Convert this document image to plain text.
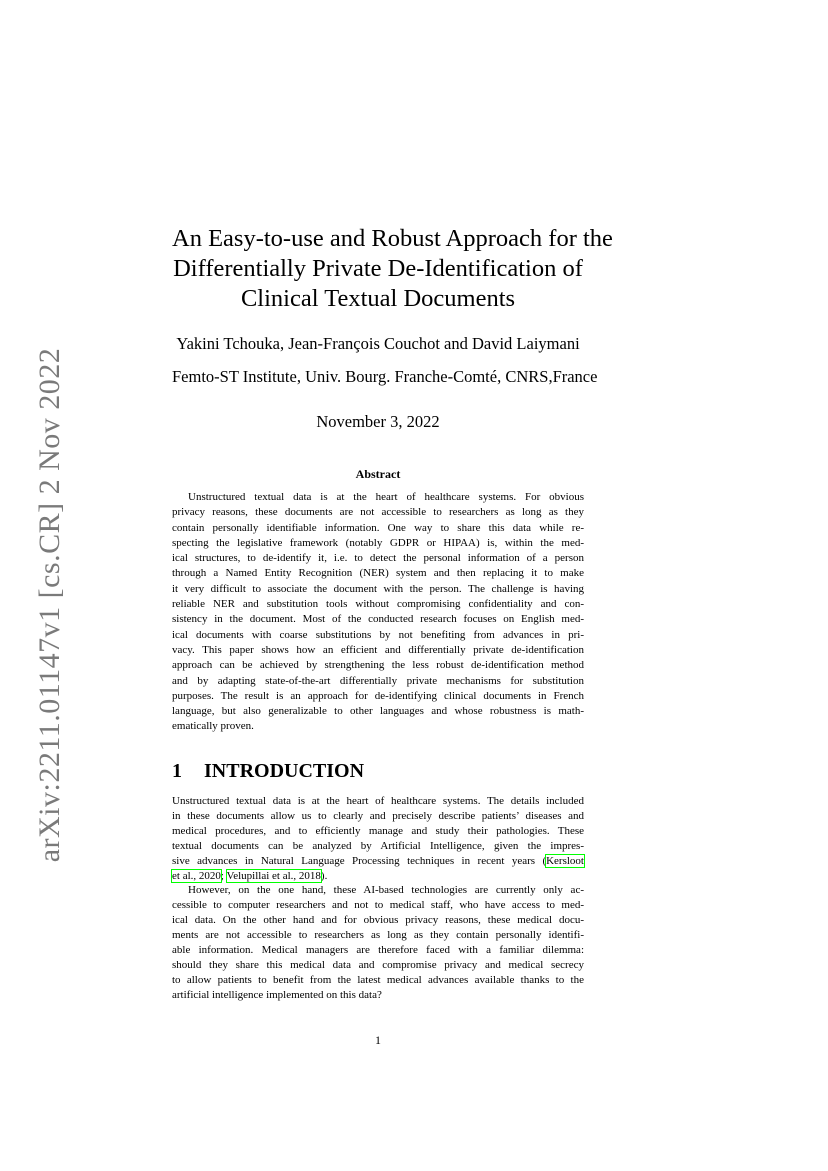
arXiv:2211.01147v1 [cs.CR] 2 Nov 2022
An Easy-to-use and Robust Approach for the
Differentially Private De-Identification of
Clinical Textual Documents
Yakini Tchouka, Jean-François Couchot and David Laiymani
Femto-ST Institute, Univ. Bourg. Franche-Comté, CNRS,France
November 3, 2022
Abstract
Unstructured textual data is at the heart of healthcare systems. For obvious
privacy reasons, these documents are not accessible to researchers as long as they
contain personally identifiable information. One way to share this data while re-
specting the legislative framework (notably GDPR or HIPAA) is, within the med-
ical structures, to de-identify it, i.e. to detect the personal information of a person
through a Named Entity Recognition (NER) system and then replacing it to make
it very difficult to associate the document with the person. The challenge is having
reliable NER and substitution tools without compromising confidentiality and con-
sistency in the document. Most of the conducted research focuses on English med-
ical documents with coarse substitutions by not benefiting from advances in pri-
vacy. This paper shows how an efficient and differentially private de-identification
approach can be achieved by strengthening the less robust de-identification method
and by adapting state-of-the-art differentially private mechanisms for substitution
purposes. The result is an approach for de-identifying clinical documents in French
language, but also generalizable to other languages and whose robustness is math-
ematically proven.
1 INTRODUCTION
Unstructured textual data is at the heart of healthcare systems. The details included
in these documents allow us to clearly and precisely describe patients’ diseases and
medical procedures, and to efficiently manage and study their pathologies. These
textual documents can be analyzed by Artificial Intelligence, given the impres-
sive advances in Natural Language Processing techniques in recent years (Kersloot
et al., 2020; Velupillai et al., 2018).
However, on the one hand, these AI-based technologies are currently only ac-
cessible to computer researchers and not to medical staff, who have access to med-
ical data. On the other hand and for obvious privacy reasons, these medical docu-
ments are not accessible to researchers as long as they contain personally identifi-
able information. Medical managers are therefore faced with a familiar dilemma:
should they share this medical data and compromise privacy and medical secrecy
to allow patients to benefit from the latest medical advances available thanks to the
artificial intelligence implemented on this data?
1
